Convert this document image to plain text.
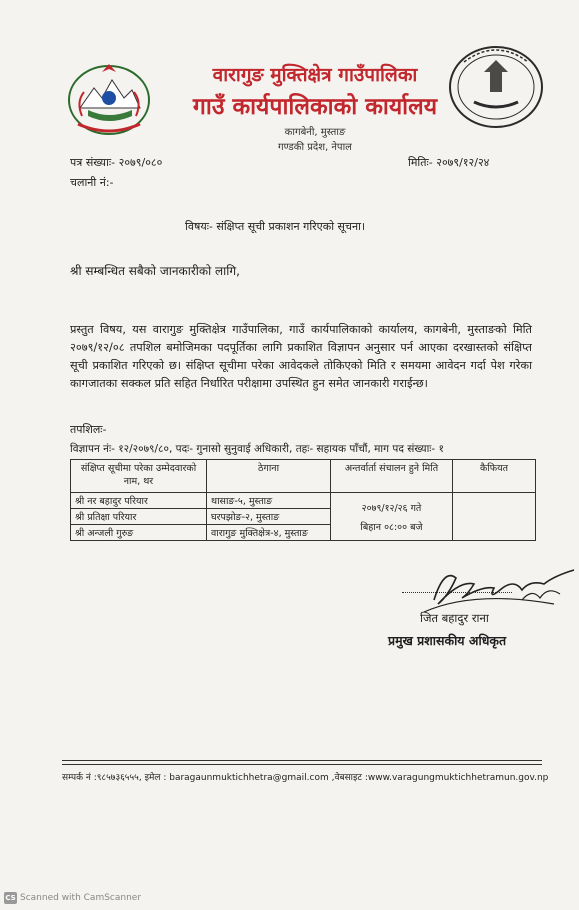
वारागुङ मुक्तिक्षेत्र गाउँपालिका
गाउँ कार्यपालिकाको कार्यालय
कागबेनी, मुस्ताङ
गण्डकी प्रदेश, नेपाल
पत्र संख्याः- २०७९/०८०	मितिः- २०७९/१२/२४
चलानी नं:-
विषयः- संक्षिप्त सूची प्रकाशन गरिएको सूचना।
श्री सम्बन्धित सबैको जानकारीको लागि,
प्रस्तुत विषय, यस वारागुङ मुक्तिक्षेत्र गाउँपालिका, गाउँ कार्यपालिकाको कार्यालय, कागबेनी, मुस्ताङको मिति २०७९/१२/०८ तपशिल बमोजिमका पदपूर्तिका लागि प्रकाशित विज्ञापन अनुसार पर्न आएका दरखास्तको संक्षिप्त सूची प्रकाशित गरिएको छ। संक्षिप्त सूचीमा परेका आवेदकले तोकिएको मिति र समयमा आवेदन गर्दा पेश गरेका कागजातका सक्कल प्रति सहित निर्धारित परीक्षामा उपस्थित हुन समेत जानकारी गराईन्छ।
तपशिलः-
विज्ञापन नंः- १२/२०७९/८०, पदः- गुनासो सुनुवाई अधिकारी, तहः- सहायक पाँचौं, माग पद संख्याः- १
संक्षिप्त सूचीमा परेका उम्मेदवारको नाम, थर	ठेगाना	अन्तर्वार्ता संचालन हुने मिति	कैफियत
श्री नर बहादुर परियार	थासाङ-५, मुस्ताङ	२०७९/१२/२६ गते
बिहान ०८:०० बजे	

श्री प्रतिक्षा परियार	घरपझोङ-२, मुस्ताङ		
श्री अन्जली गुरुङ	वारागुङ मुक्तिक्षेत्र-४, मुस्ताङ		
जित बहादुर राना
प्रमुख प्रशासकीय अधिकृत
सम्पर्क नं :९८५७३६५५५, इमेल : baragaunmuktichhetra@gmail.com ,वेबसाइट :www.varagungmuktichhetramun.gov.np
CS Scanned with CamScanner
